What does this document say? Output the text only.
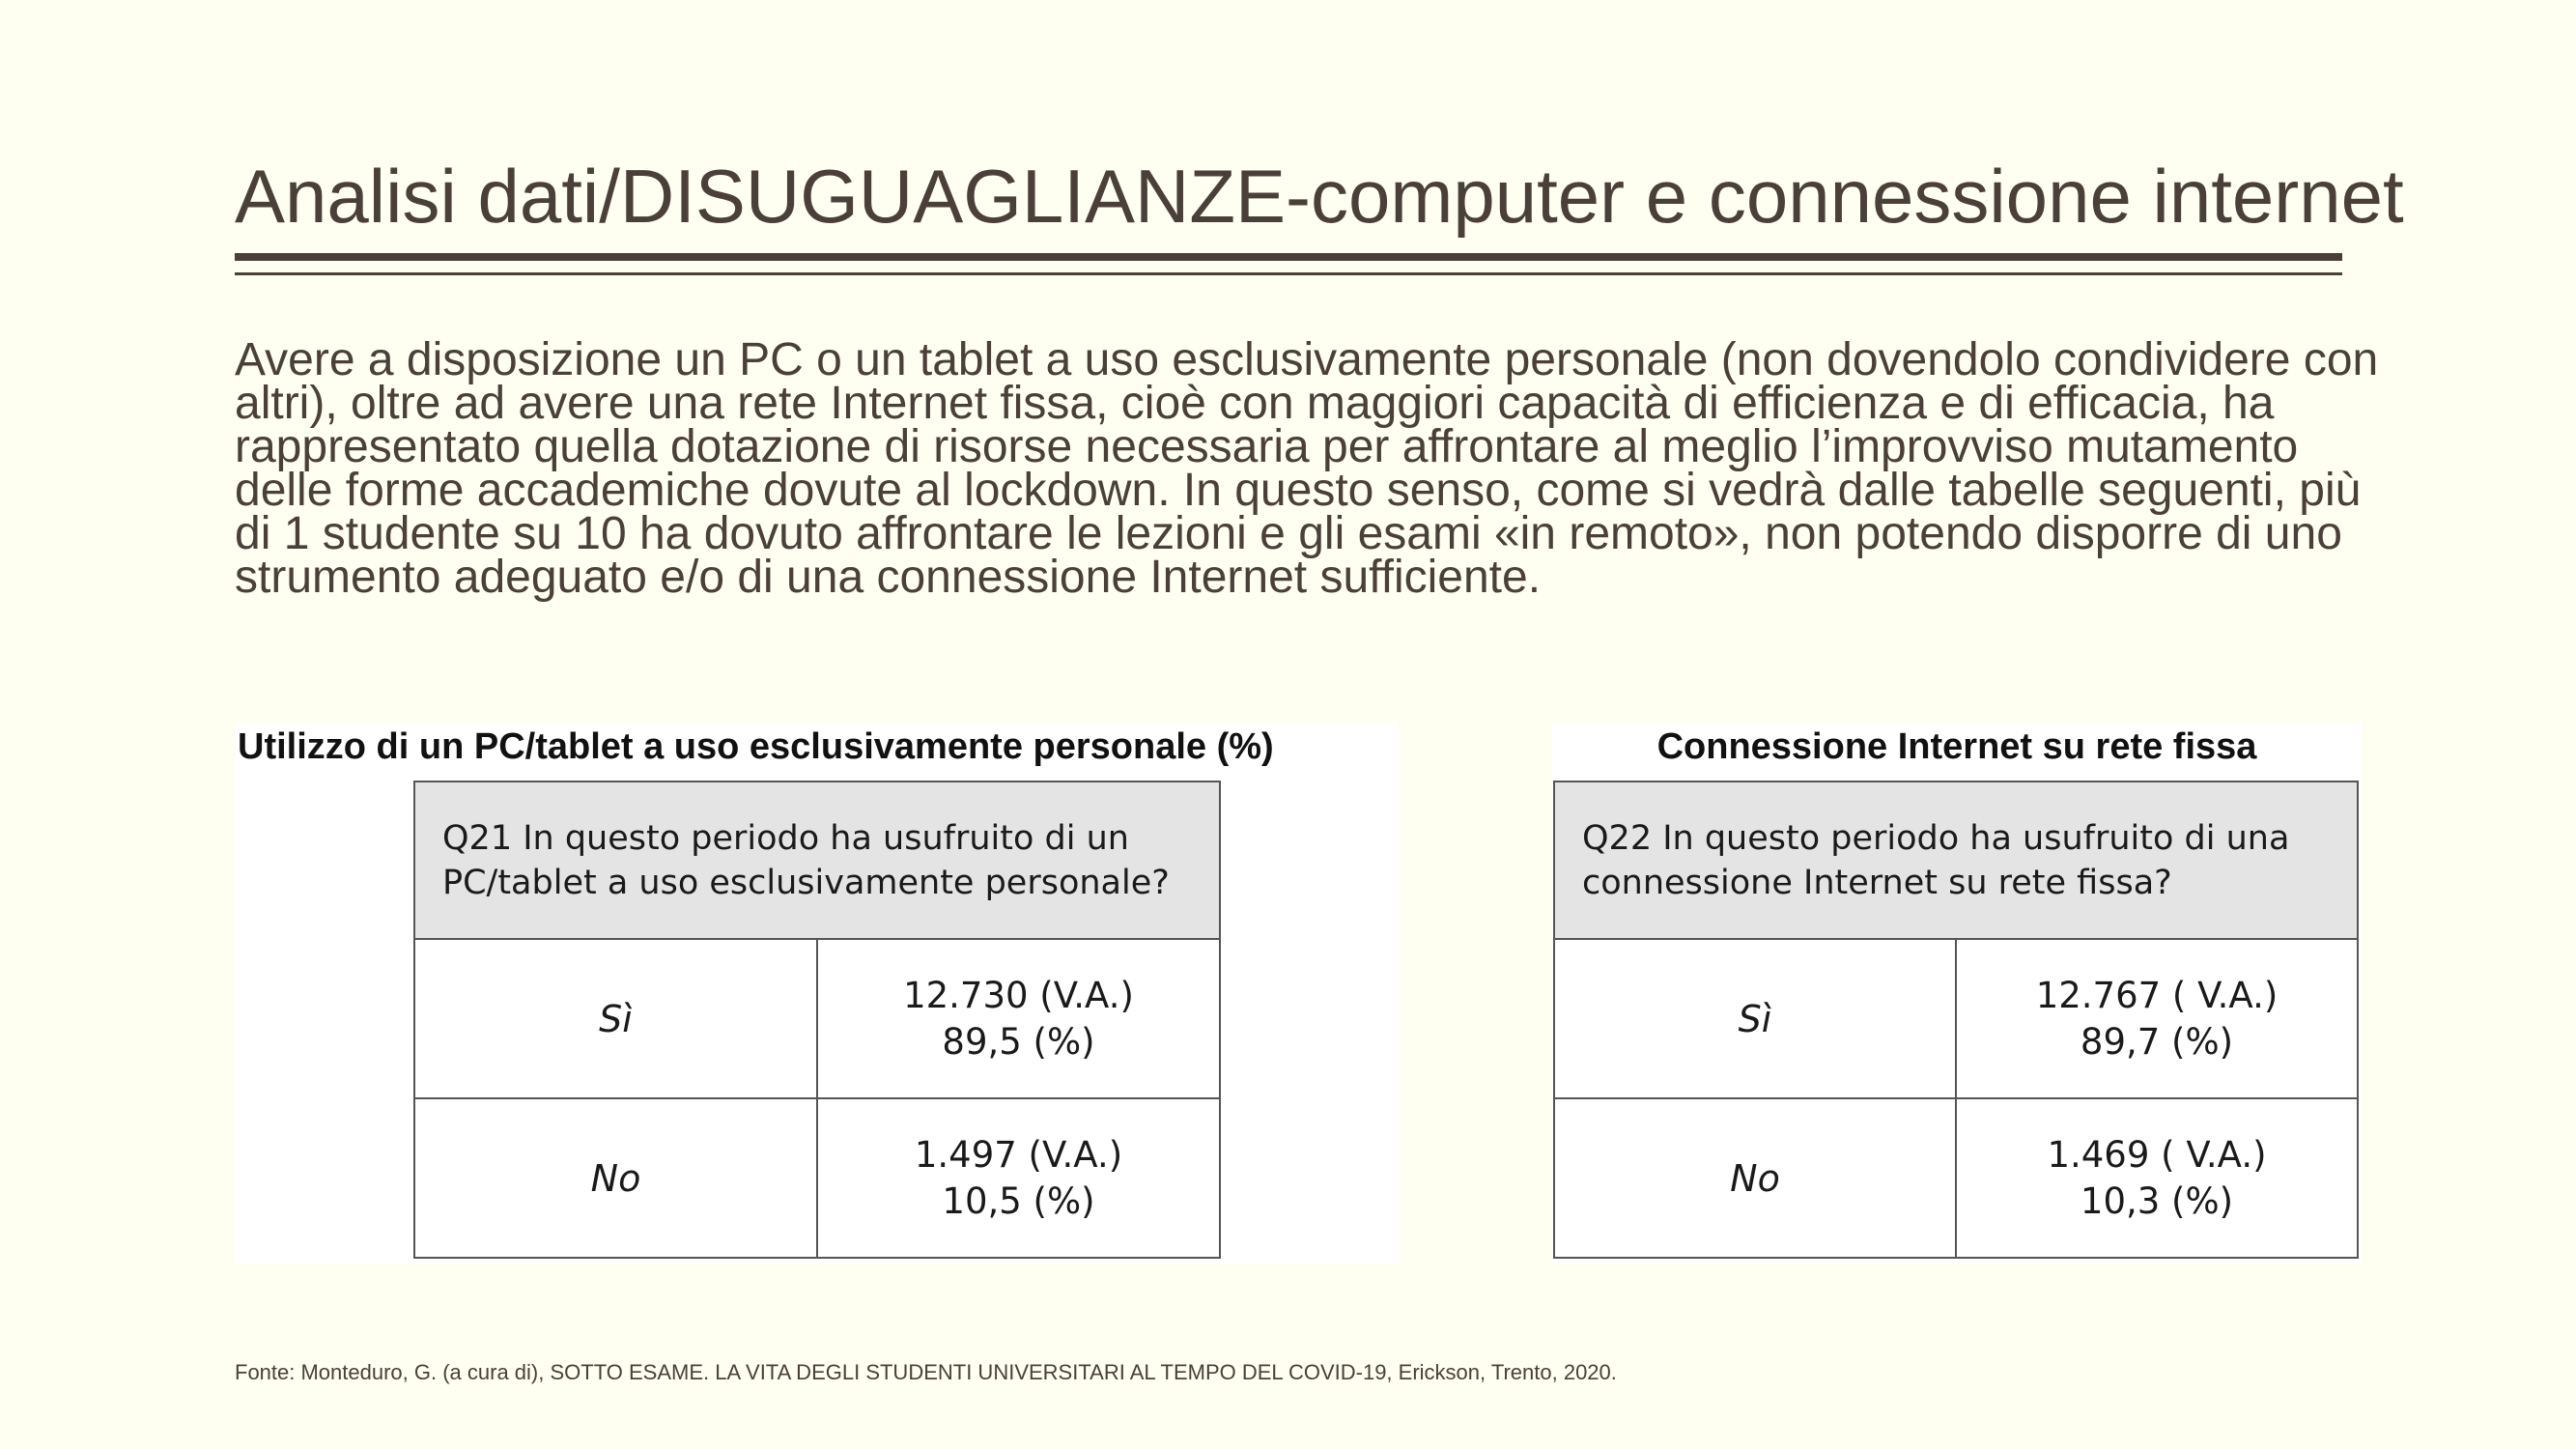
Analisi dati/DISUGUAGLIANZE-computer e connessione internet

Avere a disposizione un PC o un tablet a uso esclusivamente personale (non dovendolo condividere con altri), oltre ad avere una rete Internet fissa, cioè con maggiori capacità di efficienza e di efficacia, ha rappresentato quella dotazione di risorse necessaria per affrontare al meglio l’improvviso mutamento delle forme accademiche dovute al lockdown. In questo senso, come si vedrà dalle tabelle seguenti, più di 1 studente su 10 ha dovuto affrontare le lezioni e gli esami «in remoto», non potendo disporre di uno strumento adeguato e/o di una connessione Internet sufficiente.

Utilizzo di un PC/tablet a uso esclusivamente personale (%)
Q21 In questo periodo ha usufruito di un PC/tablet a uso esclusivamente personale?	
Sì	12.730 (V.A.)
89,5 (%)

No	1.497 (V.A.)
10,5 (%)
Connessione Internet su rete fissa
Q22 In questo periodo ha usufruito di una connessione Internet su rete fissa?	
Sì	12.767 ( V.A.)
89,7 (%)

No	1.469 ( V.A.)
10,3 (%)
Fonte: Monteduro, G. (a cura di), SOTTO ESAME. LA VITA DEGLI STUDENTI UNIVERSITARI AL TEMPO DEL COVID-19, Erickson, Trento, 2020.
